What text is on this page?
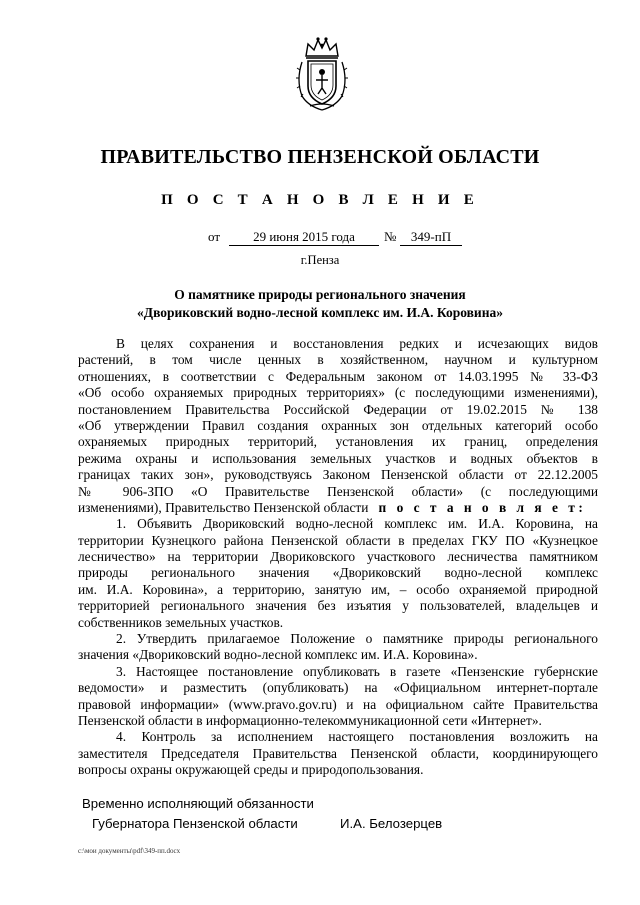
ПРАВИТЕЛЬСТВО ПЕНЗЕНСКОЙ ОБЛАСТИ
П О С Т А Н О В Л Е Н И Е
от	29 июня 2015 года	№	349-пП
г.Пенза
О памятнике природы регионального значения
«Двориковский водно-лесной комплекс им. И.А. Коровина»
В целях сохранения и восстановления редких и исчезающих видов
растений, в том числе ценных в хозяйственном, научном и культурном
отношениях, в соответствии с Федеральным законом от 14.03.1995 № 33-ФЗ
«Об особо охраняемых природных территориях» (с последующими изменениями),
постановлением Правительства Российской Федерации от 19.02.2015 № 138
«Об утверждении Правил создания охранных зон отдельных категорий особо
охраняемых природных территорий, установления их границ, определения
режима охраны и использования земельных участков и водных объектов в
границах таких зон», руководствуясь Законом Пензенской области от 22.12.2005
№ 906-ЗПО «О Правительстве Пензенской области» (с последующими
изменениями), Правительство Пензенской области п о с т а н о в л я е т:
1. Объявить Двориковский водно-лесной комплекс им. И.А. Коровина, на
территории Кузнецкого района Пензенской области в пределах ГКУ ПО «Кузнецкое
лесничество» на территории Двориковского участкового лесничества памятником
природы регионального значения «Двориковский водно-лесной комплекс
им. И.А. Коровина», а территорию, занятую им, – особо охраняемой природной
территорией регионального значения без изъятия у пользователей, владельцев и
собственников земельных участков.
2. Утвердить прилагаемое Положение о памятнике природы регионального
значения «Двориковский водно-лесной комплекс им. И.А. Коровина».
3. Настоящее постановление опубликовать в газете «Пензенские губернские
ведомости» и разместить (опубликовать) на «Официальном интернет-портале
правовой информации» (www.pravo.gov.ru) и на официальном сайте Правительства
Пензенской области в информационно-телекоммуникационной сети «Интернет».
4. Контроль за исполнением настоящего постановления возложить на
заместителя Председателя Правительства Пензенской области, координирующего
вопросы охраны окружающей среды и природопользования.
Временно исполняющий обязанности
Губернатора Пензенской области	И.А. Белозерцев
c:\мои документы\pdf\349-пп.docx
